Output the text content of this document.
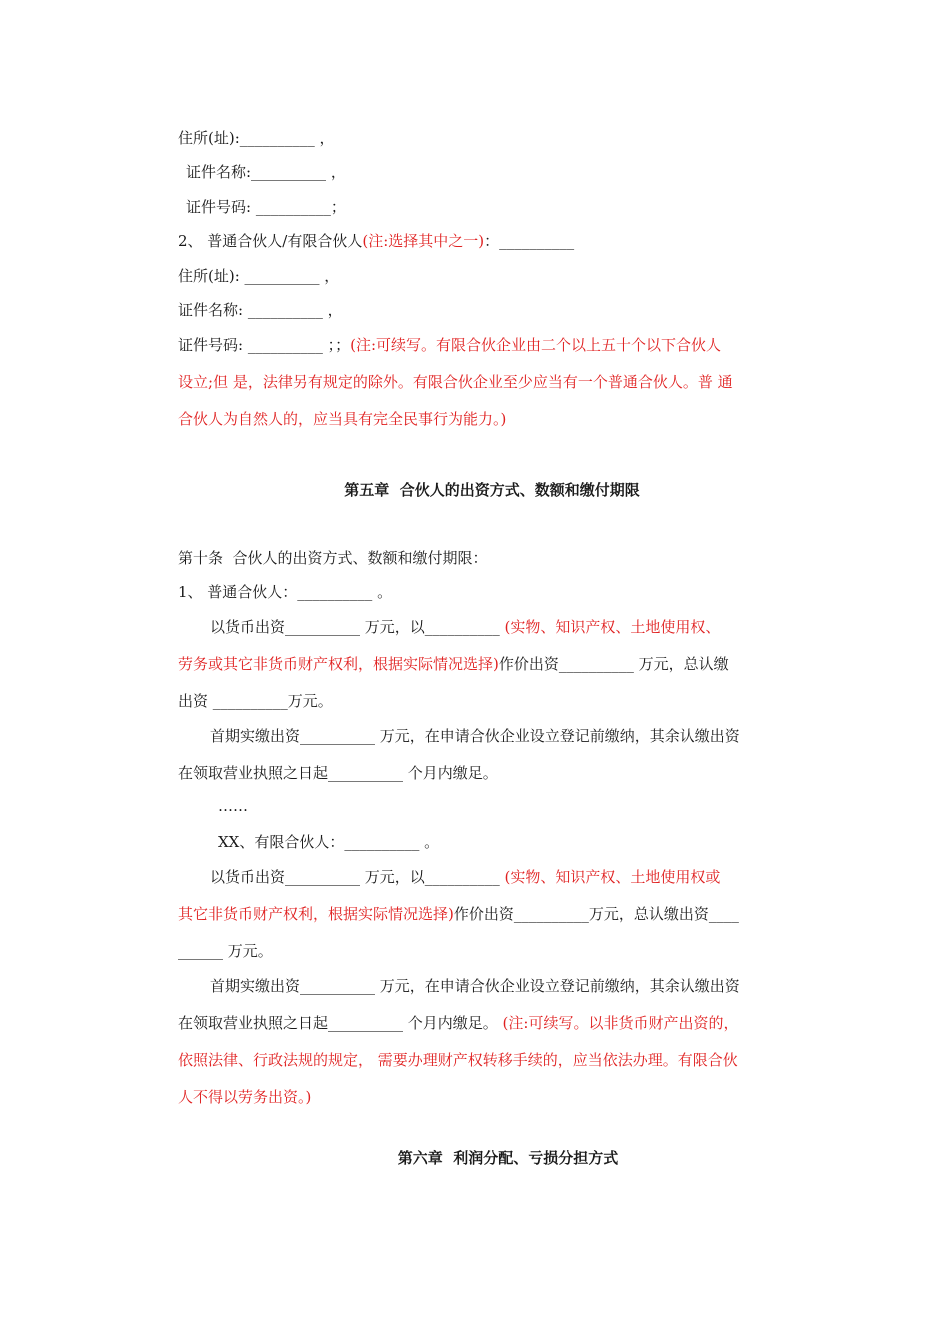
住所(址):__________ ，
证件名称:__________ ，
证件号码: __________；
2、 普通合伙人/有限合伙人(注:选择其中之一)：__________
住所(址): __________ ，
证件名称: __________ ，
证件号码: __________ ；；(注:可续写。有限合伙企业由二个以上五十个以下合伙人
设立;但 是，法律另有规定的除外。有限合伙企业至少应当有一个普通合伙人。普 通
合伙人为自然人的，应当具有完全民事行为能力。)
第十条  合伙人的出资方式、数额和缴付期限：
1、 普通合伙人：__________ 。
以货币出资__________ 万元，以__________ (实物、知识产权、土地使用权、
劳务或其它非货币财产权利，根据实际情况选择)作价出资__________ 万元，总认缴
出资 __________万元。
首期实缴出资__________ 万元，在申请合伙企业设立登记前缴纳，其余认缴出资
在领取营业执照之日起__________ 个月内缴足。
……
XX、有限合伙人：__________ 。
以货币出资__________ 万元，以__________ (实物、知识产权、土地使用权或
其它非货币财产权利，根据实际情况选择)作价出资__________万元，总认缴出资____
______ 万元。
首期实缴出资__________ 万元，在申请合伙企业设立登记前缴纳，其余认缴出资
在领取营业执照之日起__________ 个月内缴足。 (注:可续写。以非货币财产出资的，
依照法律、行政法规的规定， 需要办理财产权转移手续的，应当依法办理。有限合伙
人不得以劳务出资。)
第五章  合伙人的出资方式、数额和缴付期限
第六章  利润分配、亏损分担方式
